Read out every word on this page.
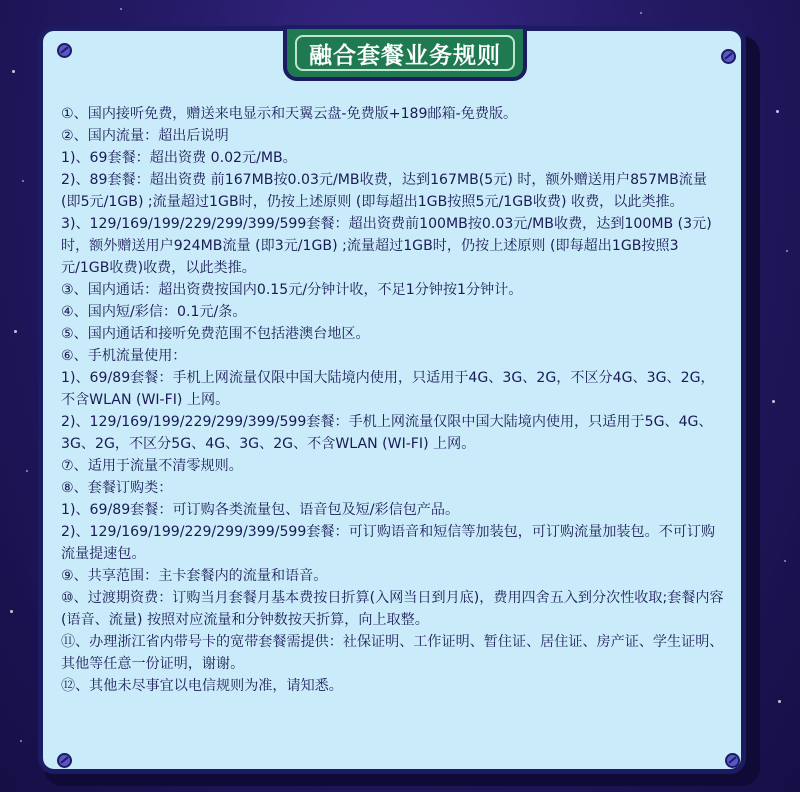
融合套餐业务规则

①、国内接听免费，赠送来电显示和天翼云盘-免费版+189邮箱-免费版。

②、国内流量：超出后说明

1)、69套餐：超出资费 0.02元/MB。

2)、89套餐：超出资费 前167MB按0.03元/MB收费，达到167MB(5元) 时，额外赠送用户857MB流量(即5元/1GB) ;流量超过1GB时，仍按上述原则 (即每超出1GB按照5元/1GB收费) 收费，以此类推。

3)、129/169/199/229/299/399/599套餐：超出资费前100MB按0.03元/MB收费，达到100MB (3元)时，额外赠送用户924MB流量 (即3元/1GB) ;流量超过1GB时，仍按上述原则 (即每超出1GB按照3元/1GB收费)收费，以此类推。

③、国内通话：超出资费按国内0.15元/分钟计收，不足1分钟按1分钟计。

④、国内短/彩信：0.1元/条。

⑤、国内通话和接听免费范围不包括港澳台地区。

⑥、手机流量使用：

1)、69/89套餐：手机上网流量仅限中国大陆境内使用，只适用于4G、3G、2G，不区分4G、3G、2G，不含WLAN (WI-FI) 上网。

2)、129/169/199/229/299/399/599套餐：手机上网流量仅限中国大陆境内使用，只适用于5G、4G、3G、2G，不区分5G、4G、3G、2G、不含WLAN (WI-FI) 上网。

⑦、适用于流量不清零规则。

⑧、套餐订购类：

1)、69/89套餐：可订购各类流量包、语音包及短/彩信包产品。

2)、129/169/199/229/299/399/599套餐：可订购语音和短信等加装包，可订购流量加装包。不可订购流量提速包。

⑨、共享范围：主卡套餐内的流量和语音。

⑩、过渡期资费：订购当月套餐月基本费按日折算(入网当日到月底)，费用四舍五入到分次性收取;套餐内容(语音、流量) 按照对应流量和分钟数按天折算，向上取整。

⑪、办理浙江省内带号卡的宽带套餐需提供：社保证明、工作证明、暂住证、居住证、房产证、学生证明、其他等任意一份证明，谢谢。

⑫、其他未尽事宜以电信规则为准，请知悉。
